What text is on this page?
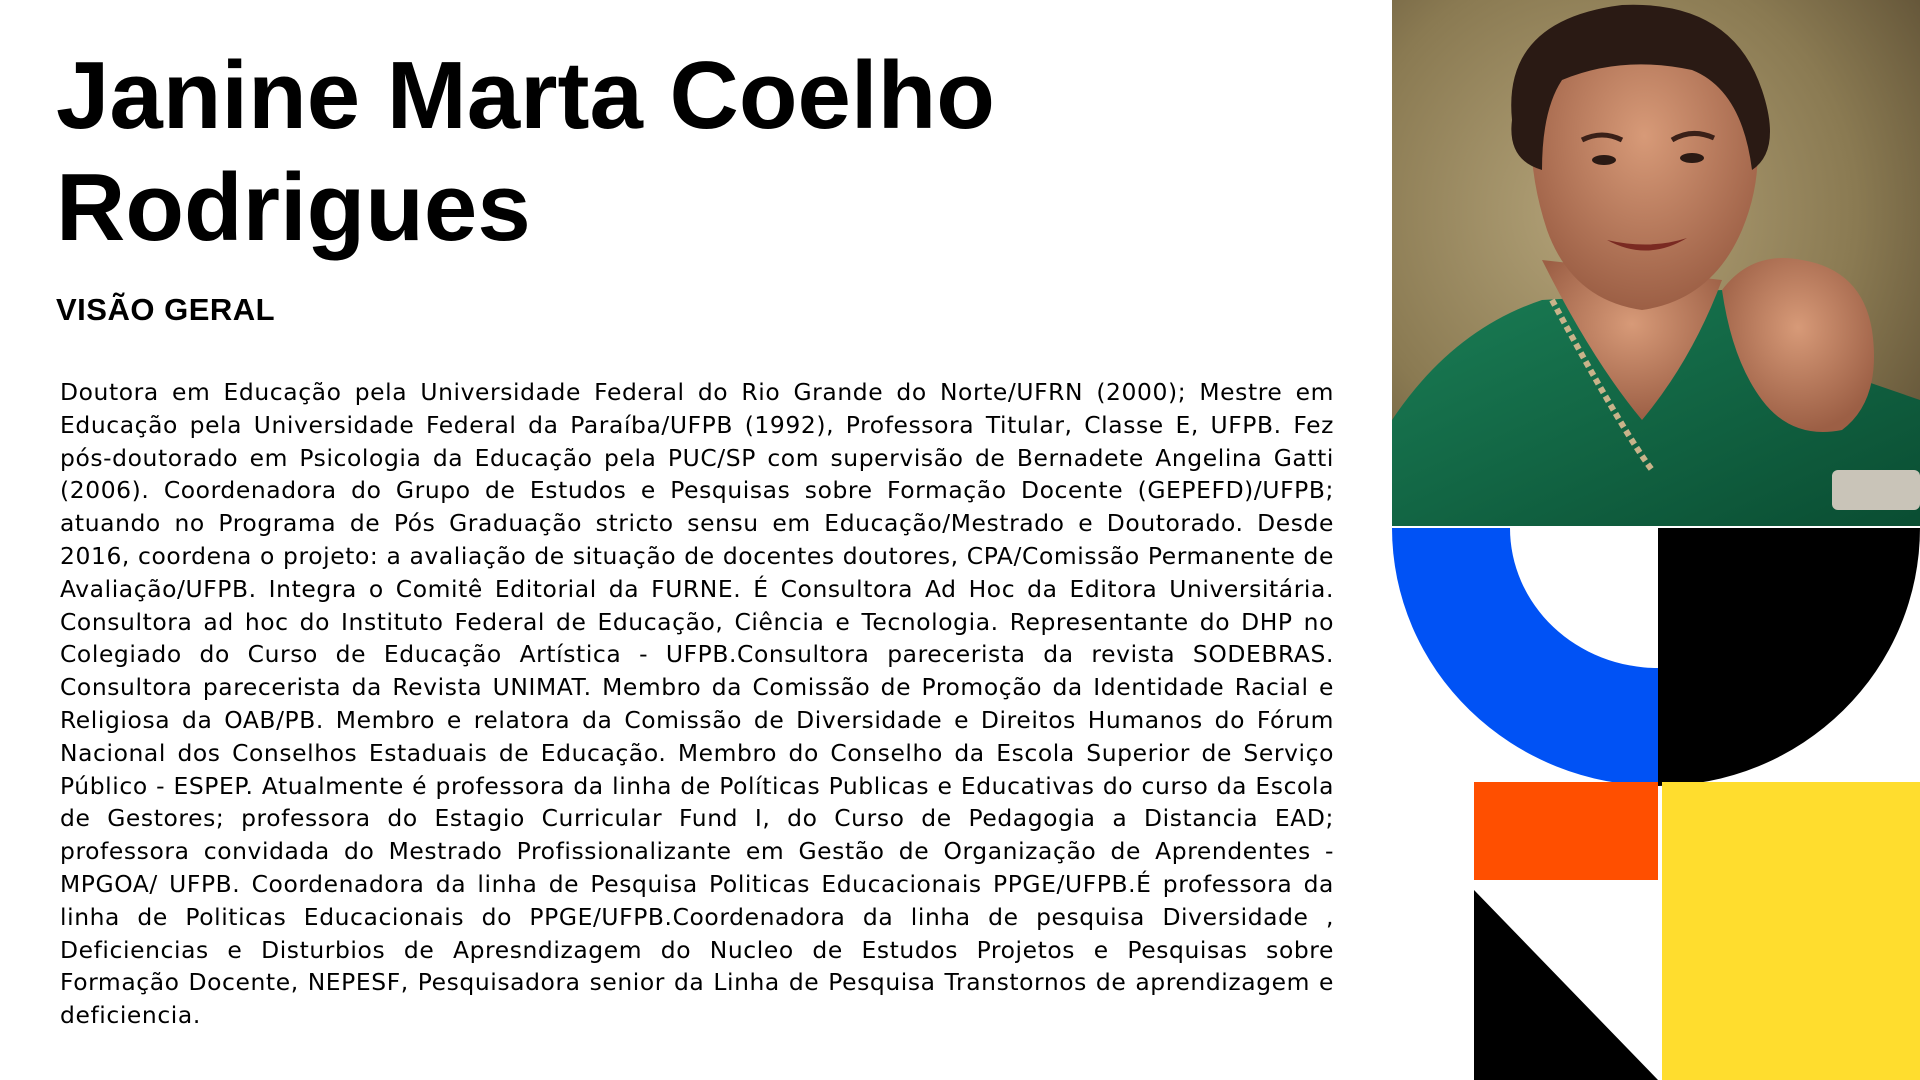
Janine Marta Coelho Rodrigues
VISÃO GERAL

Doutora em Educação pela Universidade Federal do Rio Grande do Norte/UFRN (2000); Mestre em Educação pela Universidade Federal da Paraíba/UFPB (1992), Professora Titular, Classe E, UFPB. Fez pós-doutorado em Psicologia da Educação pela PUC/SP com supervisão de Bernadete Angelina Gatti (2006). Coordenadora do Grupo de Estudos e Pesquisas sobre Formação Docente (GEPEFD)/UFPB; atuando no Programa de Pós Graduação stricto sensu em Educação/Mestrado e Doutorado. Desde 2016, coordena o projeto: a avaliação de situação de docentes doutores, CPA/Comissão Permanente de Avaliação/UFPB. Integra o Comitê Editorial da FURNE. É Consultora Ad Hoc da Editora Universitária. Consultora ad hoc do Instituto Federal de Educação, Ciência e Tecnologia. Representante do DHP no Colegiado do Curso de Educação Artística - UFPB.Consultora parecerista da revista SODEBRAS. Consultora parecerista da Revista UNIMAT. Membro da Comissão de Promoção da Identidade Racial e Religiosa da OAB/PB. Membro e relatora da Comissão de Diversidade e Direitos Humanos do Fórum Nacional dos Conselhos Estaduais de Educação. Membro do Conselho da Escola Superior de Serviço Público - ESPEP. Atualmente é professora da linha de Políticas Publicas e Educativas do curso da Escola de Gestores; professora do Estagio Curricular Fund I, do Curso de Pedagogia a Distancia EAD; professora convidada do Mestrado Profissionalizante em Gestão de Organização de Aprendentes -MPGOA/ UFPB. Coordenadora da linha de Pesquisa Politicas Educacionais PPGE/UFPB.É professora da linha de Politicas Educacionais do PPGE/UFPB.Coordenadora da linha de pesquisa Diversidade , Deficiencias e Disturbios de Apresndizagem do Nucleo de Estudos Projetos e Pesquisas sobre Formação Docente, NEPESF, Pesquisadora senior da Linha de Pesquisa Transtornos de aprendizagem e deficiencia.
